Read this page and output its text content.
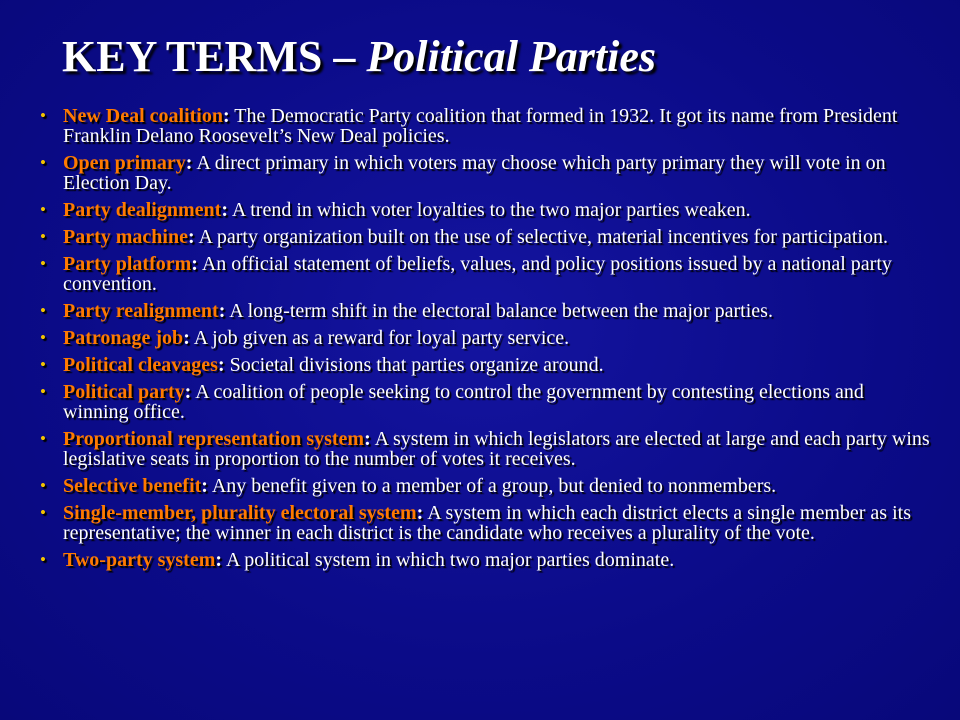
KEY TERMS – Political Parties
• New Deal coalition: The Democratic Party coalition that formed in 1932. It got its name from President Franklin Delano Roosevelt’s New Deal policies.
• Open primary: A direct primary in which voters may choose which party primary they will vote in on Election Day.
• Party dealignment: A trend in which voter loyalties to the two major parties weaken.
• Party machine: A party organization built on the use of selective, material incentives for participation.
• Party platform: An official statement of beliefs, values, and policy positions issued by a national party convention.
• Party realignment: A long-term shift in the electoral balance between the major parties.
• Patronage job: A job given as a reward for loyal party service.
• Political cleavages: Societal divisions that parties organize around.
• Political party: A coalition of people seeking to control the government by contesting elections and winning office.
• Proportional representation system: A system in which legislators are elected at large and each party wins legislative seats in proportion to the number of votes it receives.
• Selective benefit: Any benefit given to a member of a group, but denied to nonmembers.
• Single-member, plurality electoral system: A system in which each district elects a single member as its representative; the winner in each district is the candidate who receives a plurality of the vote.
• Two-party system: A political system in which two major parties dominate.
